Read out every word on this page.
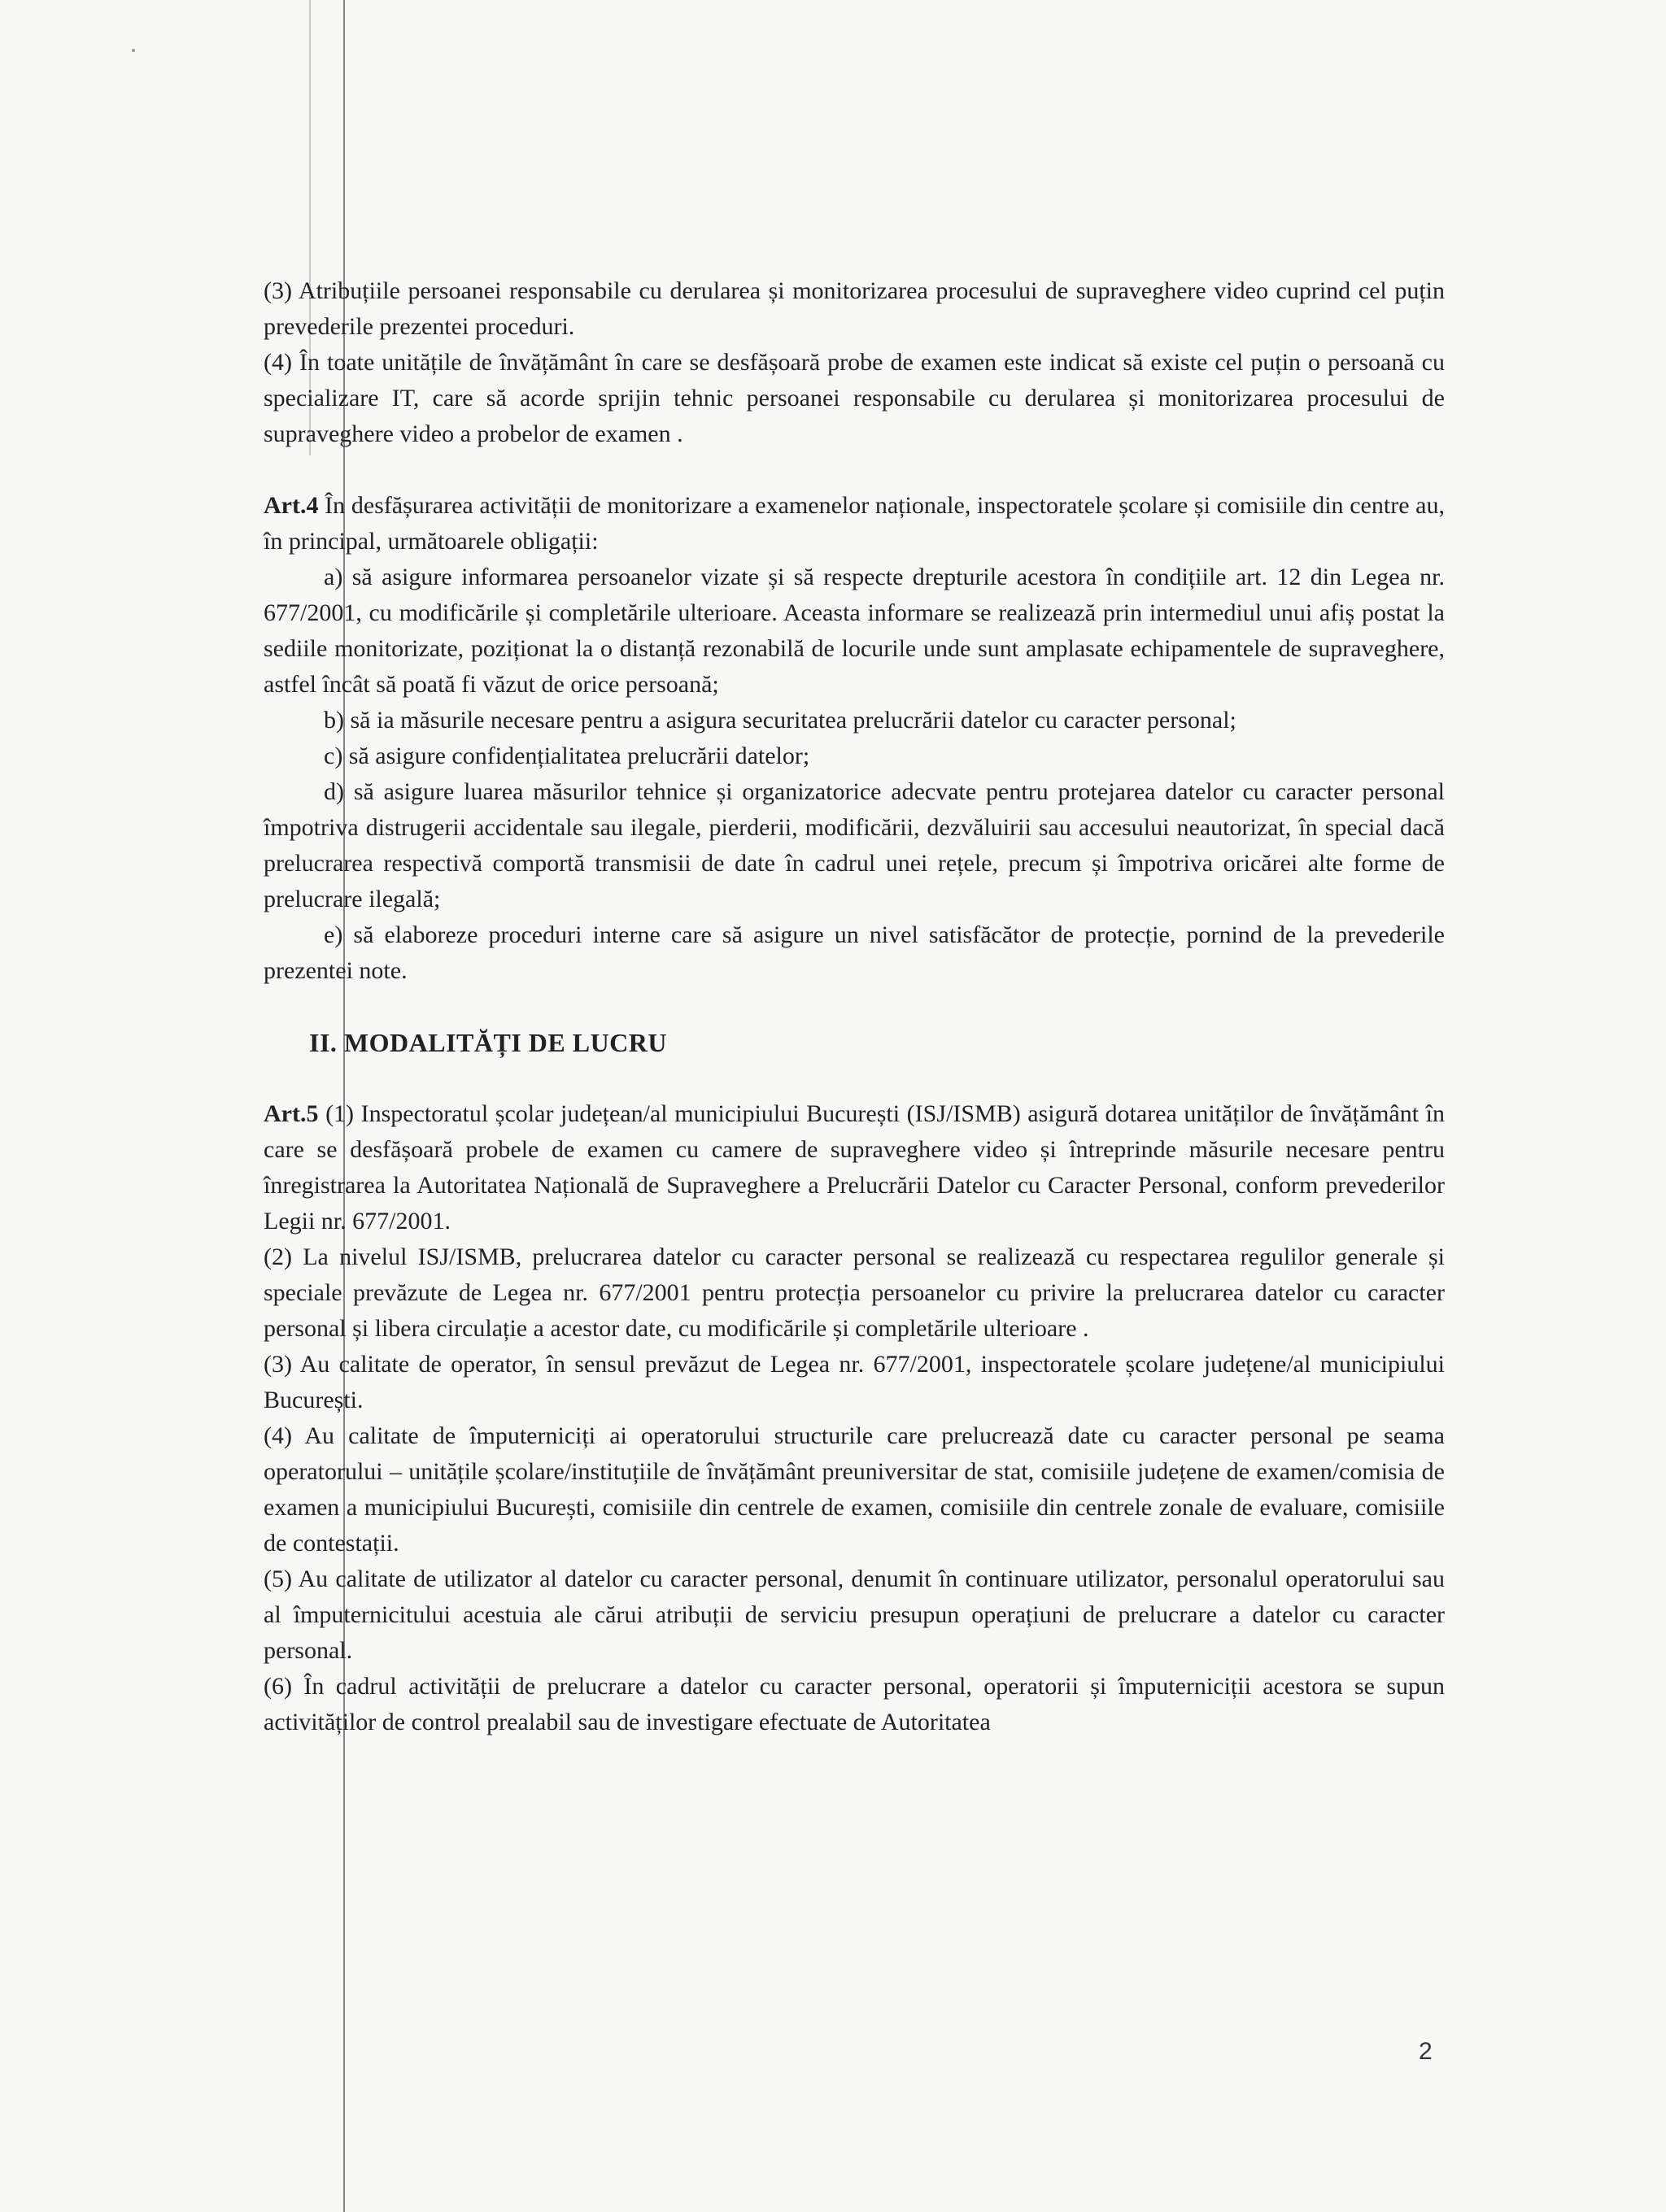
(3) Atribuțiile persoanei responsabile cu derularea și monitorizarea procesului de supraveghere video cuprind cel puțin prevederile prezentei proceduri.

(4) În toate unitățile de învățământ în care se desfășoară probe de examen este indicat să existe cel puțin o persoană cu specializare IT, care să acorde sprijin tehnic persoanei responsabile cu derularea și monitorizarea procesului de supraveghere video a probelor de examen .

Art.4 În desfășurarea activității de monitorizare a examenelor naționale, inspectoratele școlare și comisiile din centre au, în principal, următoarele obligații:

a) să asigure informarea persoanelor vizate și să respecte drepturile acestora în condițiile art. 12 din Legea nr. 677/2001, cu modificările și completările ulterioare. Aceasta informare se realizează prin intermediul unui afiș postat la sediile monitorizate, poziționat la o distanță rezonabilă de locurile unde sunt amplasate echipamentele de supraveghere, astfel încât să poată fi văzut de orice persoană;

b) să ia măsurile necesare pentru a asigura securitatea prelucrării datelor cu caracter personal;

c) să asigure confidențialitatea prelucrării datelor;

d) să asigure luarea măsurilor tehnice și organizatorice adecvate pentru protejarea datelor cu caracter personal împotriva distrugerii accidentale sau ilegale, pierderii, modificării, dezvăluirii sau accesului neautorizat, în special dacă prelucrarea respectivă comportă transmisii de date în cadrul unei rețele, precum și împotriva oricărei alte forme de prelucrare ilegală;

e) să elaboreze proceduri interne care să asigure un nivel satisfăcător de protecție, pornind de la prevederile prezentei note.

II. MODALITĂȚI DE LUCRU

Art.5 (1) Inspectoratul școlar județean/al municipiului București (ISJ/ISMB) asigură dotarea unităților de învățământ în care se desfășoară probele de examen cu camere de supraveghere video și întreprinde măsurile necesare pentru înregistrarea la Autoritatea Națională de Supraveghere a Prelucrării Datelor cu Caracter Personal, conform prevederilor Legii nr. 677/2001.

(2) La nivelul ISJ/ISMB, prelucrarea datelor cu caracter personal se realizează cu respectarea regulilor generale și speciale prevăzute de Legea nr. 677/2001 pentru protecția persoanelor cu privire la prelucrarea datelor cu caracter personal și libera circulație a acestor date, cu modificările și completările ulterioare .

(3) Au calitate de operator, în sensul prevăzut de Legea nr. 677/2001, inspectoratele școlare județene/al municipiului București.

(4) Au calitate de împuterniciți ai operatorului structurile care prelucrează date cu caracter personal pe seama operatorului – unitățile școlare/instituțiile de învățământ preuniversitar de stat, comisiile județene de examen/comisia de examen a municipiului București, comisiile din centrele de examen, comisiile din centrele zonale de evaluare, comisiile de contestații.

(5) Au calitate de utilizator al datelor cu caracter personal, denumit în continuare utilizator, personalul operatorului sau al împuternicitului acestuia ale cărui atribuții de serviciu presupun operațiuni de prelucrare a datelor cu caracter personal.

(6) În cadrul activității de prelucrare a datelor cu caracter personal, operatorii și împuterniciții acestora se supun activităților de control prealabil sau de investigare efectuate de Autoritatea

2
